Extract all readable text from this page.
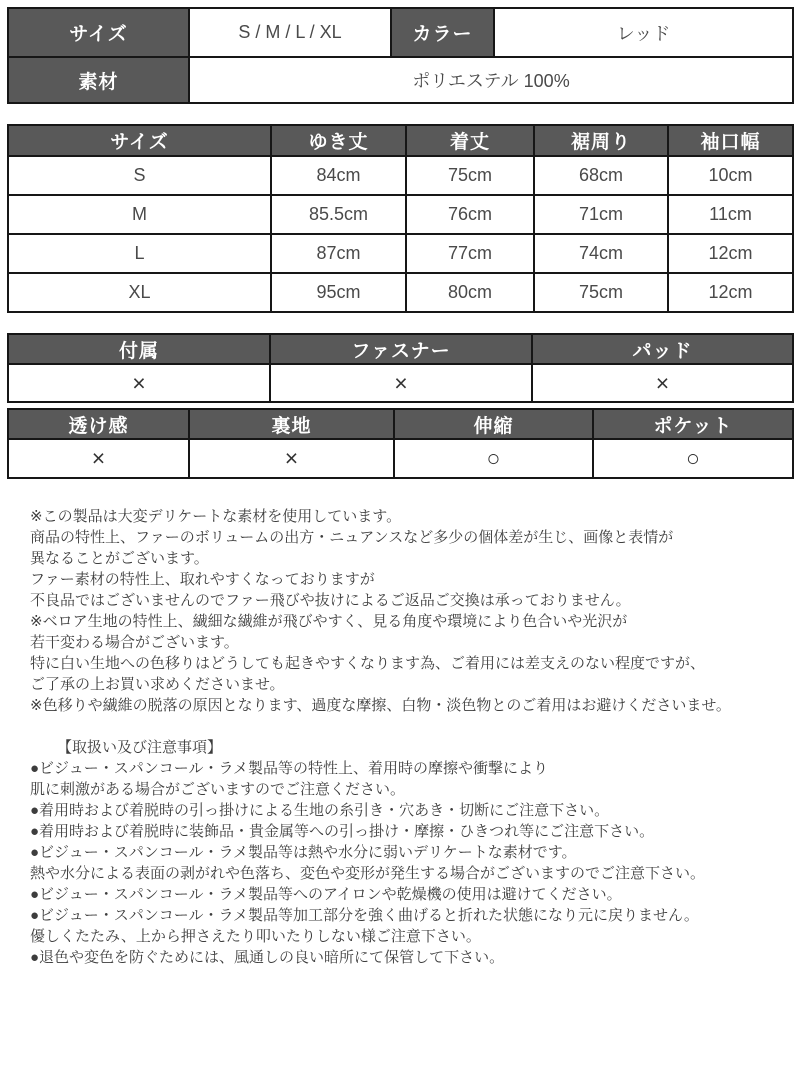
サイズ	S / M / L / XL	カラー	レッド
素材	ポリエステル 100%		
サイズ	ゆき丈	着丈	裾周り	袖口幅
S	84cm	75cm	68cm	10cm
M	85.5cm	76cm	71cm	11cm
L	87cm	77cm	74cm	12cm
XL	95cm	80cm	75cm	12cm
付属	ファスナー	パッド
×	×	×
透け感	裏地	伸縮	ポケット
×	×	○	○

※この製品は大変デリケートな素材を使用しています。

商品の特性上、ファーのボリュームの出方・ニュアンスなど多少の個体差が生じ、画像と表情が

異なることがございます。

ファー素材の特性上、取れやすくなっておりますが

不良品ではございませんのでファー飛びや抜けによるご返品ご交換は承っておりません。

※ベロア生地の特性上、繊細な繊維が飛びやすく、見る角度や環境により色合いや光沢が

若干変わる場合がございます。

特に白い生地への色移りはどうしても起きやすくなります為、ご着用には差支えのない程度ですが、

ご了承の上お買い求めくださいませ。

※色移りや繊維の脱落の原因となります、過度な摩擦、白物・淡色物とのご着用はお避けくださいませ。

【取扱い及び注意事項】

●ビジュー・スパンコール・ラメ製品等の特性上、着用時の摩擦や衝撃により

肌に刺激がある場合がございますのでご注意ください。

●着用時および着脱時の引っ掛けによる生地の糸引き・穴あき・切断にご注意下さい。

●着用時および着脱時に装飾品・貴金属等への引っ掛け・摩擦・ひきつれ等にご注意下さい。

●ビジュー・スパンコール・ラメ製品等は熱や水分に弱いデリケートな素材です。

熱や水分による表面の剥がれや色落ち、変色や変形が発生する場合がございますのでご注意下さい。

●ビジュー・スパンコール・ラメ製品等へのアイロンや乾燥機の使用は避けてください。

●ビジュー・スパンコール・ラメ製品等加工部分を強く曲げると折れた状態になり元に戻りません。

優しくたたみ、上から押さえたり叩いたりしない様ご注意下さい。

●退色や変色を防ぐためには、風通しの良い暗所にて保管して下さい。
